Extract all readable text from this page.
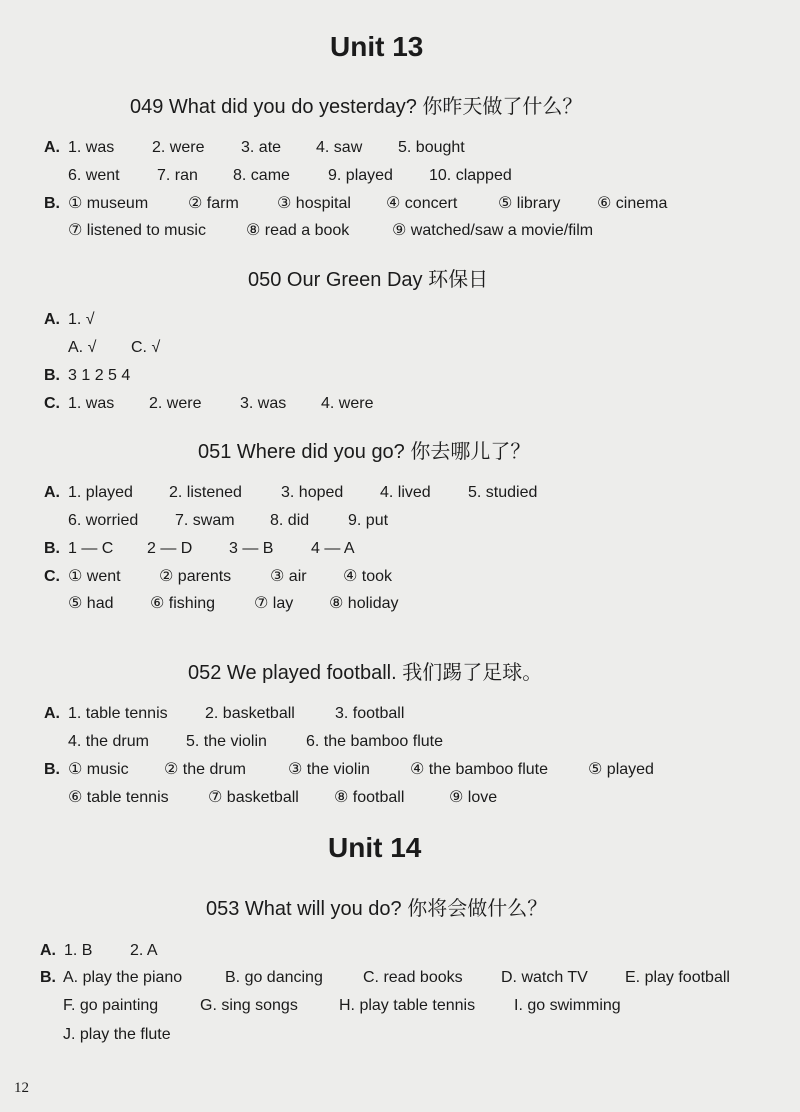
Unit 13
049 What did you do yesterday? 你昨天做了什么？
A. 1. was 2. were 3. ate 4. saw 5. bought
6. went 7. ran 8. came 9. played 10. clapped
B. ① museum ② farm ③ hospital ④ concert	⑤ library ⑥ cinema
⑦ listened to music	⑧ read a book	⑨ watched/saw a movie/film
050 Our Green Day 环保日
A. 1. √
A. √ C. √
B. 3 1 2 5 4
C. 1. was 2. were 3. was 4. were
051 Where did you go? 你去哪儿了？
A. 1. played 2. listened 3. hoped 4. lived 5. studied
6. worried 7. swam 8. did 9. put
B. 1 — C 2 — D 3 — B 4 — A
C. ① went ② parents ③ air ④ took
⑤ had ⑥ fishing ⑦ lay ⑧ holiday
052 We played football. 我们踢了足球。
A. 1. table tennis 2. basketball	3. football
4. the drum 5. the violin 6. the bamboo flute
B. ① music ② the drum	③ the violin	④ the bamboo flute	⑤ played
⑥ table tennis ⑦ basketball ⑧ football	⑨ love
Unit 14
053 What will you do? 你将会做什么？
A. 1. B 2. A
B. A. play the piano	B. go dancing	C. read books D. watch TV E. play football
F. go painting	G. sing songs	H. play table tennis I. go swimming
J. play the flute
12
